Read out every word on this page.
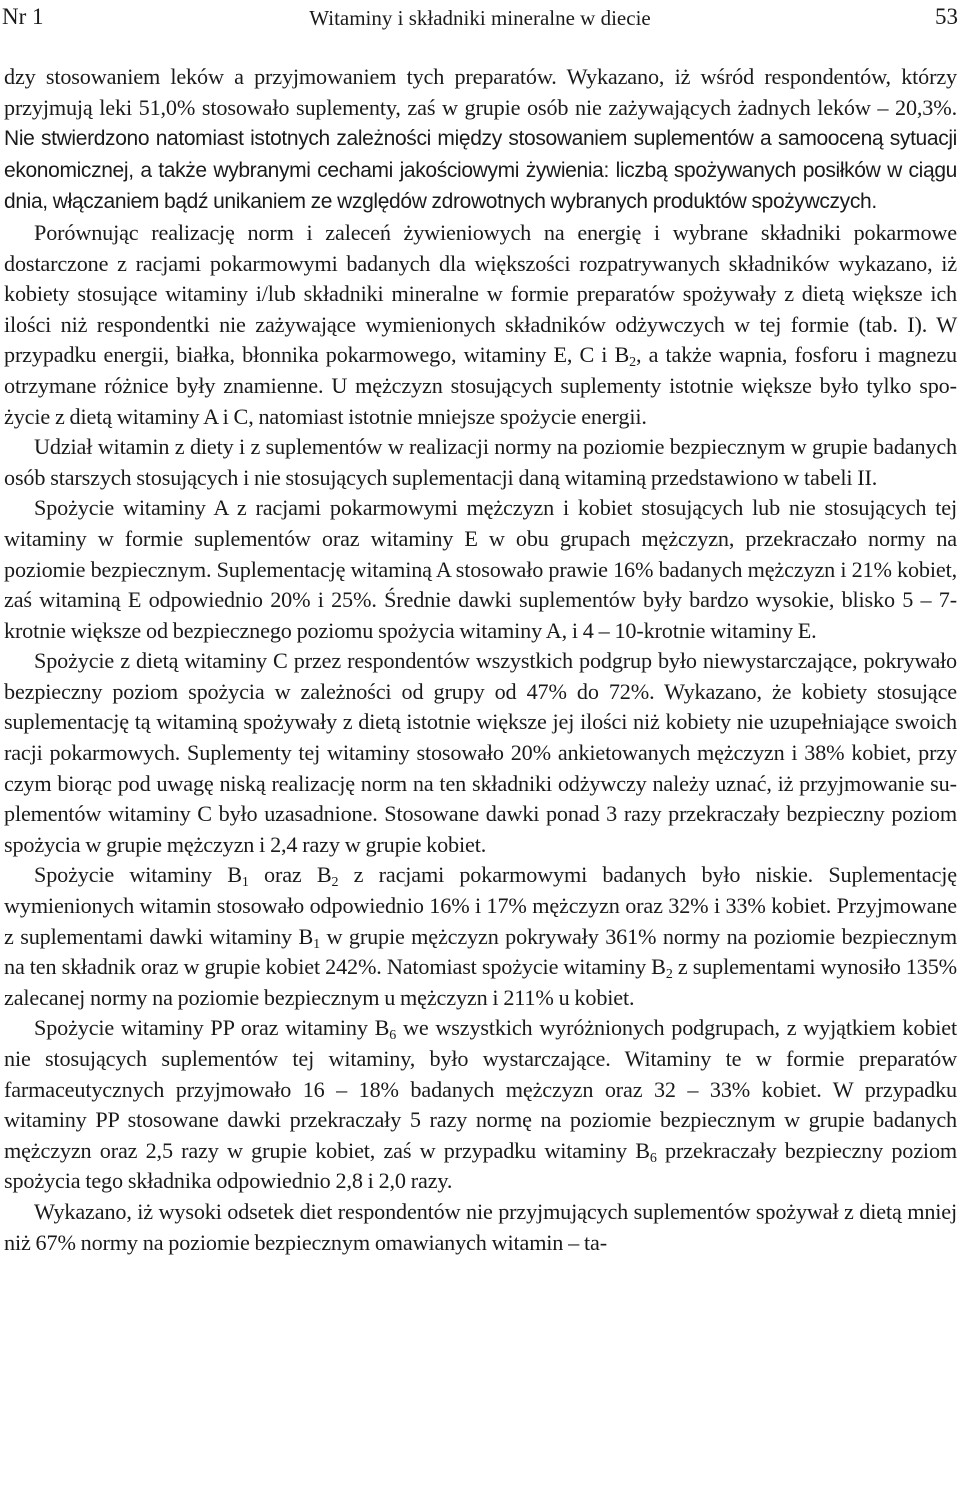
Nr 1	Witaminy i składniki mineralne w diecie	53

dzy stosowaniem leków a przyjmowaniem tych preparatów. Wykazano, iż wśród respondentów, którzy przyjmują leki 51,0% stosowało suplementy, zaś w grupie osób nie zażywających żadnych leków – 20,3%. Nie stwierdzono natomiast istotnych zależności między stosowaniem suplementów a samooceną sytuacji ekonomicznej, a także wybranymi cechami jakościowymi żywienia: liczbą spożywanych posiłków w ciągu dnia, włączaniem bądź unikaniem ze względów zdrowotnych wybranych produktów spożywczych.

Porównując realizację norm i zaleceń żywieniowych na energię i wybrane składniki pokarmowe dostarczone z racjami pokarmowymi badanych dla większości rozpatrywanych składników wykazano, iż kobiety stosujące witaminy i/lub składniki mineralne w formie preparatów spożywały z dietą większe ich ilości niż respondentki nie zażywające wymienionych składników odżywczych w tej formie (tab. I). W przypadku energii, białka, błonnika pokarmowego, witaminy E, C i $B_2$, a także wapnia, fosforu i magnezu otrzymane różnice były znamienne. U mężczyzn stosujących suplementy istotnie większe było tylko spożycie z dietą witaminy A i C, natomiast istotnie mniejsze spożycie energii.

Udział witamin z diety i z suplementów w realizacji normy na poziomie bezpiecznym w grupie badanych osób starszych stosujących i nie stosujących suplementacji daną witaminą przedstawiono w tabeli II.

Spożycie witaminy A z racjami pokarmowymi mężczyzn i kobiet stosujących lub nie stosujących tej witaminy w formie suplementów oraz witaminy E w obu grupach mężczyzn, przekraczało normy na poziomie bezpiecznym. Suplementację witaminą A stosowało prawie 16% badanych mężczyzn i 21% kobiet, zaś witaminą E odpowiednio 20% i 25%. Średnie dawki suplementów były bardzo wysokie, blisko 5 – 7-krotnie większe od bezpiecznego poziomu spożycia witaminy A, i 4 – 10-krotnie witaminy E.

Spożycie z dietą witaminy C przez respondentów wszystkich podgrup było niewystarczające, pokrywało bezpieczny poziom spożycia w zależności od grupy od 47% do 72%. Wykazano, że kobiety stosujące suplementację tą witaminą spożywały z dietą istotnie większe jej ilości niż kobiety nie uzupełniające swoich racji pokarmowych. Suplementy tej witaminy stosowało 20% ankietowanych mężczyzn i 38% kobiet, przy czym biorąc pod uwagę niską realizację norm na ten składniki odżywczy należy uznać, iż przyjmowanie suplementów witaminy C było uzasadnione. Stosowane dawki ponad 3 razy przekraczały bezpieczny poziom spożycia w grupie mężczyzn i 2,4 razy w grupie kobiet.

Spożycie witaminy $B_1$ oraz $B_2$ z racjami pokarmowymi badanych było niskie. Suplementację wymienionych witamin stosowało odpowiednio 16% i 17% mężczyzn oraz 32% i 33% kobiet. Przyjmowane z suplementami dawki witaminy $B_1$ w grupie mężczyzn pokrywały 361% normy na poziomie bezpiecznym na ten składnik oraz w grupie kobiet 242%. Natomiast spożycie witaminy $B_2$ z suplementami wynosiło 135% zalecanej normy na poziomie bezpiecznym u mężczyzn i 211% u kobiet.

Spożycie witaminy PP oraz witaminy $B_6$ we wszystkich wyróżnionych podgrupach, z wyjątkiem kobiet nie stosujących suplementów tej witaminy, było wystarczające. Witaminy te w formie preparatów farmaceutycznych przyjmowało 16 – 18% badanych mężczyzn oraz 32 – 33% kobiet. W przypadku witaminy PP stosowane dawki przekraczały 5 razy normę na poziomie bezpiecznym w grupie badanych mężczyzn oraz 2,5 razy w grupie kobiet, zaś w przypadku witaminy $B_6$ przekraczały bezpieczny poziom spożycia tego składnika odpowiednio 2,8 i 2,0 razy.

Wykazano, iż wysoki odsetek diet respondentów nie przyjmujących suplementów spożywał z dietą mniej niż 67% normy na poziomie bezpiecznym omawianych witamin – ta-
